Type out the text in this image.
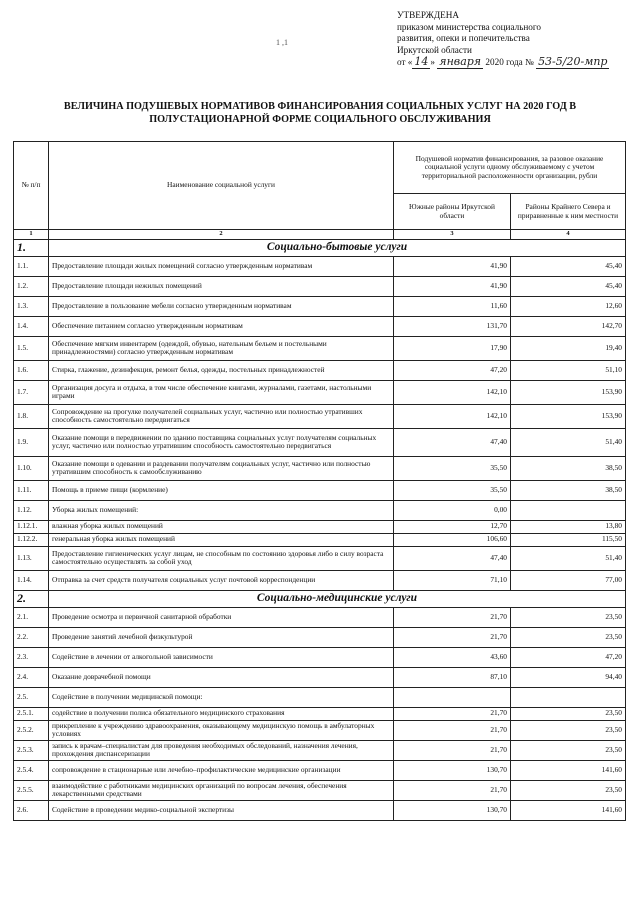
УТВЕРЖДЕНА
приказом министерства социального
развития, опеки и попечительства
Иркутской области
от « 14 » января 2020 года № 53-5/20-мпр
1 ,1
ВЕЛИЧИНА ПОДУШЕВЫХ НОРМАТИВОВ ФИНАНСИРОВАНИЯ СОЦИАЛЬНЫХ УСЛУГ НА 2020 ГОД В
ПОЛУСТАЦИОНАРНОЙ ФОРМЕ СОЦИАЛЬНОГО ОБСЛУЖИВАНИЯ
№ п/п	Наименование социальной услуги	Подушевой норматив финансирования, за разовое оказание социальной услуги одному обслуживаемому с учетом территориальной расположенности организации, рубли	
		Южные районы Иркутской области	Районы Крайнего Севера и приравненные к ним местности
1	2	3	4
1.	Социально-бытовые услуги		
1.1.	Предоставление площади жилых помещений согласно утвержденным нормативам	41,90	45,40
1.2.	Предоставление площади нежилых помещений	41,90	45,40
1.3.	Предоставление в пользование мебели согласно утвержденным нормативам	11,60	12,60
1.4.	Обеспечение питанием согласно утвержденным нормативам	131,70	142,70
1.5.	Обеспечение мягким инвентарем (одеждой, обувью, нательным бельем и постельными принадлежностями) согласно утвержденным нормативам	17,90	19,40
1.6.	Стирка, глажение, дезинфекция, ремонт белья, одежды, постельных принадлежностей	47,20	51,10
1.7.	Организация досуга и отдыха, в том числе обеспечение книгами, журналами, газетами, настольными играми	142,10	153,90
1.8.	Сопровождение на прогулке получателей социальных услуг, частично или полностью утративших способность самостоятельно передвигаться	142,10	153,90
1.9.	Оказание помощи в передвижении по зданию поставщика социальных услуг получателям социальных услуг, частично или полностью утратившим способность самостоятельно передвигаться	47,40	51,40
1.10.	Оказание помощи в одевании и раздевании получателям социальных услуг, частично или полностью утратившим способность к самообслуживанию	35,50	38,50
1.11.	Помощь в приеме пищи (кормление)	35,50	38,50
1.12.	Уборка жилых помещений:	0,00	
1.12.1.	влажная уборка жилых помещений	12,70	13,80
1.12.2.	генеральная уборка жилых помещений	106,60	115,50
1.13.	Предоставление гигиенических услуг лицам, не способным по состоянию здоровья либо в силу возраста самостоятельно осуществлять за собой уход	47,40	51,40
1.14.	Отправка за счет средств получателя социальных услуг почтовой корреспонденции	71,10	77,00
2.	Социально-медицинские услуги		
2.1.	Проведение осмотра и первичной санитарной обработки	21,70	23,50
2.2.	Проведение занятий лечебной физкультурой	21,70	23,50
2.3.	Содействие в лечении от алкогольной зависимости	43,60	47,20
2.4.	Оказание доврачебной помощи	87,10	94,40
2.5.	Содействие в получении медицинской помощи:		
2.5.1.	содействие в получении полиса обязательного медицинского страхования	21,70	23,50
2.5.2.	прикрепление к учреждению здравоохранения, оказывающему медицинскую помощь в амбулаторных условиях	21,70	23,50
2.5.3.	запись к врачам–специалистам для проведения необходимых обследований, назначения лечения, прохождения диспансеризации	21,70	23,50
2.5.4.	сопровождение в стационарные или лечебно–профилактические медицинские организации	130,70	141,60
2.5.5.	взаимодействие с работниками медицинских организаций по вопросам лечения, обеспечения лекарственными средствами	21,70	23,50
2.6.	Содействие в проведении медико-социальной экспертизы	130,70	141,60
